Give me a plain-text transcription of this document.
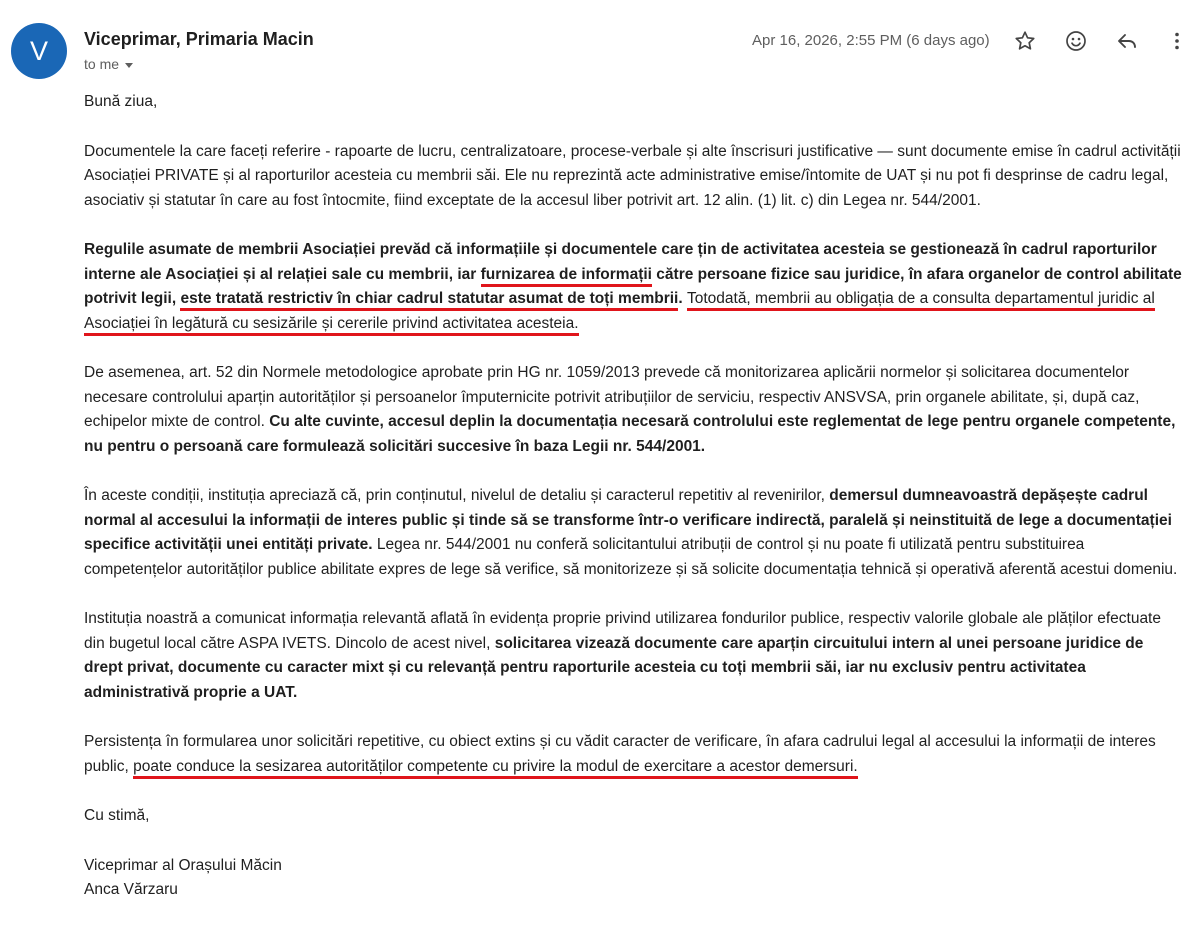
V	Viceprimar, Primaria Macin
to me
Apr 16, 2026, 2:55 PM (6 days ago)

Bună ziua,

Documentele la care faceți referire - rapoarte de lucru, centralizatoare, procese-verbale și alte înscrisuri justificative — sunt documente emise în cadrul activității Asociației PRIVATE și al raporturilor acesteia cu membrii săi. Ele nu reprezintă acte administrative emise/întomite de UAT și nu pot fi desprinse de cadru legal, asociativ și statutar în care au fost întocmite, fiind exceptate de la accesul liber potrivit art. 12 alin. (1) lit. c) din Legea nr. 544/2001.

Regulile asumate de membrii Asociației prevăd că informațiile și documentele care țin de activitatea acesteia se gestionează în cadrul raporturilor interne ale Asociației și al relației sale cu membrii, iar furnizarea de informații către persoane fizice sau juridice, în afara organelor de control abilitate potrivit legii, este tratată restrictiv în chiar cadrul statutar asumat de toți membrii. Totodată, membrii au obligația de a consulta departamentul juridic al Asociației în legătură cu sesizările și cererile privind activitatea acesteia.

De asemenea, art. 52 din Normele metodologice aprobate prin HG nr. 1059/2013 prevede că monitorizarea aplicării normelor și solicitarea documentelor necesare controlului aparțin autorităților și persoanelor împuternicite potrivit atribuțiilor de serviciu, respectiv ANSVSA, prin organele abilitate, și, după caz, echipelor mixte de control. Cu alte cuvinte, accesul deplin la documentația necesară controlului este reglementat de lege pentru organele competente, nu pentru o persoană care formulează solicitări succesive în baza Legii nr. 544/2001.

În aceste condiții, instituția apreciază că, prin conținutul, nivelul de detaliu și caracterul repetitiv al revenirilor, demersul dumneavoastră depășește cadrul normal al accesului la informații de interes public și tinde să se transforme într-o verificare indirectă, paralelă și neinstituită de lege a documentației specifice activității unei entități private. Legea nr. 544/2001 nu conferă solicitantului atribuții de control și nu poate fi utilizată pentru substituirea competențelor autorităților publice abilitate expres de lege să verifice, să monitorizeze și să solicite documentația tehnică și operativă aferentă acestui domeniu.

Instituția noastră a comunicat informația relevantă aflată în evidența proprie privind utilizarea fondurilor publice, respectiv valorile globale ale plăților efectuate din bugetul local către ASPA IVETS. Dincolo de acest nivel, solicitarea vizează documente care aparțin circuitului intern al unei persoane juridice de drept privat, documente cu caracter mixt și cu relevanță pentru raporturile acesteia cu toți membrii săi, iar nu exclusiv pentru activitatea administrativă proprie a UAT.

Persistența în formularea unor solicitări repetitive, cu obiect extins și cu vădit caracter de verificare, în afara cadrului legal al accesului la informații de interes public, poate conduce la sesizarea autorităților competente cu privire la modul de exercitare a acestor demersuri.

Cu stimă,

Viceprimar al Orașului Măcin

Anca Vărzaru
